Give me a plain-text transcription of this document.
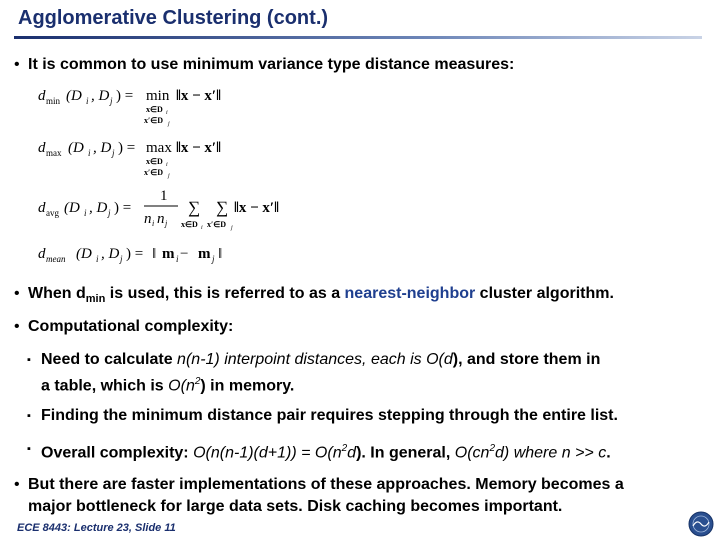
Agglomerative Clustering (cont.)
• It is common to use minimum variance type distance measures:
d min (D i , D j ) = min
x∈D i
x′∈D j
‖x − x′‖
d max (D i , D j ) = max
x∈D i
x′∈D j
‖x − x′‖
d avg (D i , D j ) =
1
n i n j
∑
x∈D i
∑
x′∈D j
‖x − x′‖
d mean (D i , D j ) = ‖ m i − m j ‖
• When $d_{min}$ is used, this is referred to as a nearest-neighbor cluster algorithm.
• Computational complexity:
▪ Need to calculate n(n-1) interpoint distances, each is O(d), and store them in
a table, which is $O(n^2)$ in memory.
▪ Finding the minimum distance pair requires stepping through the entire list.
▪ Overall complexity: $O(n(n-1)(d+1)) = O(n^2d)$. In general, $O(cn^2d)$ where n >> c.
• But there are faster implementations of these approaches. Memory becomes a
major bottleneck for large data sets. Disk caching becomes important.
ECE 8443: Lecture 23, Slide 11
